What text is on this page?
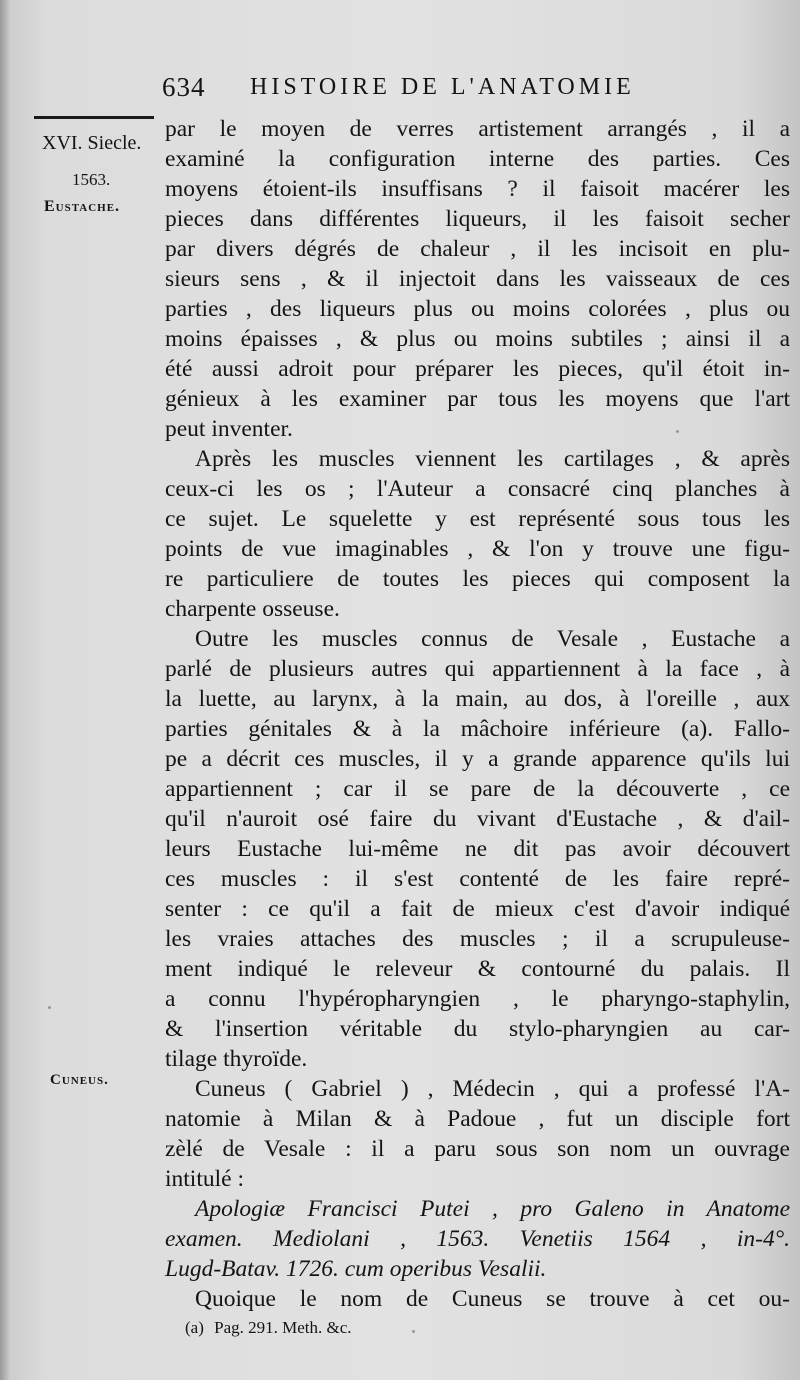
634 HISTOIRE DE L'ANATOMIE
XVI. Siecle.
1563.
Eustache.
Cuneus.
par le moyen de verres artistement arrangés , il a
examiné la configuration interne des parties. Ces
moyens étoient-ils insuffisans ? il faisoit macérer les
pieces dans différentes liqueurs, il les faisoit secher
par divers dégrés de chaleur , il les incisoit en plu-
sieurs sens , & il injectoit dans les vaisseaux de ces
parties , des liqueurs plus ou moins colorées , plus ou
moins épaisses , & plus ou moins subtiles ; ainsi il a
été aussi adroit pour préparer les pieces, qu'il étoit in-
génieux à les examiner par tous les moyens que l'art
peut inventer.
Après les muscles viennent les cartilages , & après
ceux-ci les os ; l'Auteur a consacré cinq planches à
ce sujet. Le squelette y est représenté sous tous les
points de vue imaginables , & l'on y trouve une figu-
re particuliere de toutes les pieces qui composent la
charpente osseuse.
Outre les muscles connus de Vesale , Eustache a
parlé de plusieurs autres qui appartiennent à la face , à
la luette, au larynx, à la main, au dos, à l'oreille , aux
parties génitales & à la mâchoire inférieure (a). Fallo-
pe a décrit ces muscles, il y a grande apparence qu'ils lui
appartiennent ; car il se pare de la découverte , ce
qu'il n'auroit osé faire du vivant d'Eustache , & d'ail-
leurs Eustache lui-même ne dit pas avoir découvert
ces muscles : il s'est contenté de les faire repré-
senter : ce qu'il a fait de mieux c'est d'avoir indiqué
les vraies attaches des muscles ; il a scrupuleuse-
ment indiqué le releveur & contourné du palais. Il
a connu l'hypéropharyngien , le pharyngo-staphylin,
& l'insertion véritable du stylo-pharyngien au car-
tilage thyroïde.
Cuneus ( Gabriel ) , Médecin , qui a professé l'A-
natomie à Milan & à Padoue , fut un disciple fort
zèlé de Vesale : il a paru sous son nom un ouvrage
intitulé :
Apologiæ Francisci Putei , pro Galeno in Anatome
examen. Mediolani , 1563. Venetiis 1564 , in-4°.
Lugd-Batav. 1726. cum operibus Vesalii.
Quoique le nom de Cuneus se trouve à cet ou-
(a) Pag. 291. Meth. &c.
